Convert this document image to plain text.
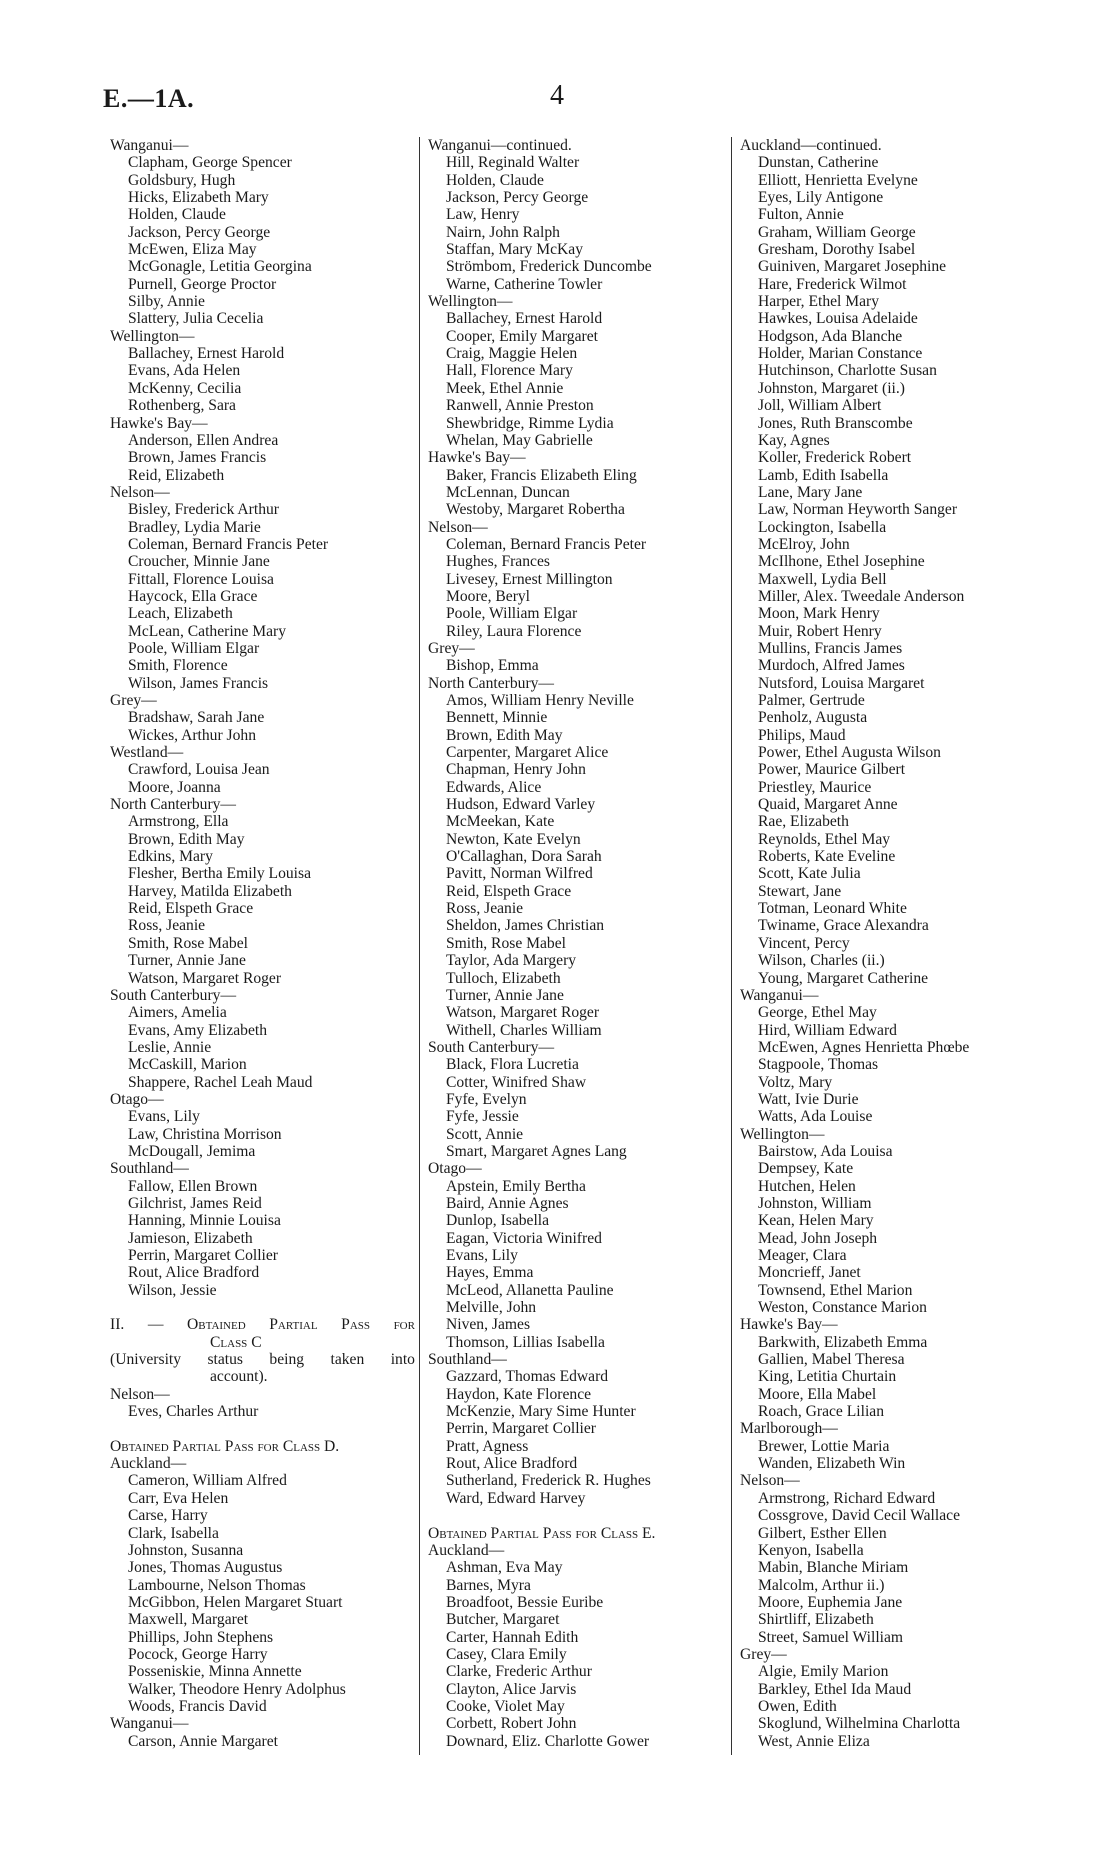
E.—1A.	4
Wanganui—
Clapham, George Spencer
Goldsbury, Hugh
Hicks, Elizabeth Mary
Holden, Claude
Jackson, Percy George
McEwen, Eliza May
McGonagle, Letitia Georgina
Purnell, George Proctor
Silby, Annie
Slattery, Julia Cecelia
Wellington—
Ballachey, Ernest Harold
Evans, Ada Helen
McKenny, Cecilia
Rothenberg, Sara
Hawke's Bay—
Anderson, Ellen Andrea
Brown, James Francis
Reid, Elizabeth
Nelson—
Bisley, Frederick Arthur
Bradley, Lydia Marie
Coleman, Bernard Francis Peter
Croucher, Minnie Jane
Fittall, Florence Louisa
Haycock, Ella Grace
Leach, Elizabeth
McLean, Catherine Mary
Poole, William Elgar
Smith, Florence
Wilson, James Francis
Grey—
Bradshaw, Sarah Jane
Wickes, Arthur John
Westland—
Crawford, Louisa Jean
Moore, Joanna
North Canterbury—
Armstrong, Ella
Brown, Edith May
Edkins, Mary
Flesher, Bertha Emily Louisa
Harvey, Matilda Elizabeth
Reid, Elspeth Grace
Ross, Jeanie
Smith, Rose Mabel
Turner, Annie Jane
Watson, Margaret Roger
South Canterbury—
Aimers, Amelia
Evans, Amy Elizabeth
Leslie, Annie
McCaskill, Marion
Shappere, Rachel Leah Maud
Otago—
Evans, Lily
Law, Christina Morrison
McDougall, Jemima
Southland—
Fallow, Ellen Brown
Gilchrist, James Reid
Hanning, Minnie Louisa
Jamieson, Elizabeth
Perrin, Margaret Collier
Rout, Alice Bradford
Wilson, Jessie
II. — Obtained Partial Pass for
Class C
(University status being taken into
account).
Nelson—
Eves, Charles Arthur
Obtained Partial Pass for Class D.
Auckland—
Cameron, William Alfred
Carr, Eva Helen
Carse, Harry
Clark, Isabella
Johnston, Susanna
Jones, Thomas Augustus
Lambourne, Nelson Thomas
McGibbon, Helen Margaret Stuart
Maxwell, Margaret
Phillips, John Stephens
Pocock, George Harry
Posseniskie, Minna Annette
Walker, Theodore Henry Adolphus
Woods, Francis David
Wanganui—
Carson, Annie Margaret
Wanganui—continued.
Hill, Reginald Walter
Holden, Claude
Jackson, Percy George
Law, Henry
Nairn, John Ralph
Staffan, Mary McKay
Strömbom, Frederick Duncombe
Warne, Catherine Towler
Wellington—
Ballachey, Ernest Harold
Cooper, Emily Margaret
Craig, Maggie Helen
Hall, Florence Mary
Meek, Ethel Annie
Ranwell, Annie Preston
Shewbridge, Rimme Lydia
Whelan, May Gabrielle
Hawke's Bay—
Baker, Francis Elizabeth Eling
McLennan, Duncan
Westoby, Margaret Robertha
Nelson—
Coleman, Bernard Francis Peter
Hughes, Frances
Livesey, Ernest Millington
Moore, Beryl
Poole, William Elgar
Riley, Laura Florence
Grey—
Bishop, Emma
North Canterbury—
Amos, William Henry Neville
Bennett, Minnie
Brown, Edith May
Carpenter, Margaret Alice
Chapman, Henry John
Edwards, Alice
Hudson, Edward Varley
McMeekan, Kate
Newton, Kate Evelyn
O'Callaghan, Dora Sarah
Pavitt, Norman Wilfred
Reid, Elspeth Grace
Ross, Jeanie
Sheldon, James Christian
Smith, Rose Mabel
Taylor, Ada Margery
Tulloch, Elizabeth
Turner, Annie Jane
Watson, Margaret Roger
Withell, Charles William
South Canterbury—
Black, Flora Lucretia
Cotter, Winifred Shaw
Fyfe, Evelyn
Fyfe, Jessie
Scott, Annie
Smart, Margaret Agnes Lang
Otago—
Apstein, Emily Bertha
Baird, Annie Agnes
Dunlop, Isabella
Eagan, Victoria Winifred
Evans, Lily
Hayes, Emma
McLeod, Allanetta Pauline
Melville, John
Niven, James
Thomson, Lillias Isabella
Southland—
Gazzard, Thomas Edward
Haydon, Kate Florence
McKenzie, Mary Sime Hunter
Perrin, Margaret Collier
Pratt, Agness
Rout, Alice Bradford
Sutherland, Frederick R. Hughes
Ward, Edward Harvey
Obtained Partial Pass for Class E.
Auckland—
Ashman, Eva May
Barnes, Myra
Broadfoot, Bessie Euribe
Butcher, Margaret
Carter, Hannah Edith
Casey, Clara Emily
Clarke, Frederic Arthur
Clayton, Alice Jarvis
Cooke, Violet May
Corbett, Robert John
Downard, Eliz. Charlotte Gower
Auckland—continued.
Dunstan, Catherine
Elliott, Henrietta Evelyne
Eyes, Lily Antigone
Fulton, Annie
Graham, William George
Gresham, Dorothy Isabel
Guiniven, Margaret Josephine
Hare, Frederick Wilmot
Harper, Ethel Mary
Hawkes, Louisa Adelaide
Hodgson, Ada Blanche
Holder, Marian Constance
Hutchinson, Charlotte Susan
Johnston, Margaret (ii.)
Joll, William Albert
Jones, Ruth Branscombe
Kay, Agnes
Koller, Frederick Robert
Lamb, Edith Isabella
Lane, Mary Jane
Law, Norman Heyworth Sanger
Lockington, Isabella
McElroy, John
McIlhone, Ethel Josephine
Maxwell, Lydia Bell
Miller, Alex. Tweedale Anderson
Moon, Mark Henry
Muir, Robert Henry
Mullins, Francis James
Murdoch, Alfred James
Nutsford, Louisa Margaret
Palmer, Gertrude
Penholz, Augusta
Philips, Maud
Power, Ethel Augusta Wilson
Power, Maurice Gilbert
Priestley, Maurice
Quaid, Margaret Anne
Rae, Elizabeth
Reynolds, Ethel May
Roberts, Kate Eveline
Scott, Kate Julia
Stewart, Jane
Totman, Leonard White
Twiname, Grace Alexandra
Vincent, Percy
Wilson, Charles (ii.)
Young, Margaret Catherine
Wanganui—
George, Ethel May
Hird, William Edward
McEwen, Agnes Henrietta Phœbe
Stagpoole, Thomas
Voltz, Mary
Watt, Ivie Durie
Watts, Ada Louise
Wellington—
Bairstow, Ada Louisa
Dempsey, Kate
Hutchen, Helen
Johnston, William
Kean, Helen Mary
Mead, John Joseph
Meager, Clara
Moncrieff, Janet
Townsend, Ethel Marion
Weston, Constance Marion
Hawke's Bay—
Barkwith, Elizabeth Emma
Gallien, Mabel Theresa
King, Letitia Churtain
Moore, Ella Mabel
Roach, Grace Lilian
Marlborough—
Brewer, Lottie Maria
Wanden, Elizabeth Win
Nelson—
Armstrong, Richard Edward
Cossgrove, David Cecil Wallace
Gilbert, Esther Ellen
Kenyon, Isabella
Mabin, Blanche Miriam
Malcolm, Arthur ii.)
Moore, Euphemia Jane
Shirtliff, Elizabeth
Street, Samuel William
Grey—
Algie, Emily Marion
Barkley, Ethel Ida Maud
Owen, Edith
Skoglund, Wilhelmina Charlotta
West, Annie Eliza
